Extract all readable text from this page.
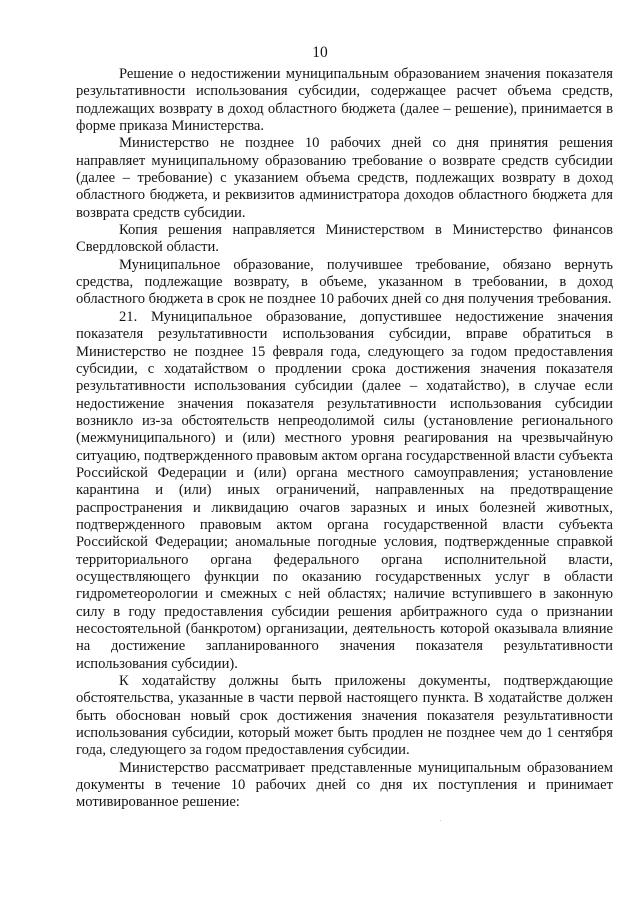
10

Решение о недостижении муниципальным образованием значения показателя результативности использования субсидии, содержащее расчет объема средств, подлежащих возврату в доход областного бюджета (далее – решение), принимается в форме приказа Министерства.

Министерство не позднее 10 рабочих дней со дня принятия решения направляет муниципальному образованию требование о возврате средств субсидии (далее – требование) с указанием объема средств, подлежащих возврату в доход областного бюджета, и реквизитов администратора доходов областного бюджета для возврата средств субсидии.

Копия решения направляется Министерством в Министерство финансов Свердловской области.

Муниципальное образование, получившее требование, обязано вернуть средства, подлежащие возврату, в объеме, указанном в требовании, в доход областного бюджета в срок не позднее 10 рабочих дней со дня получения требования.

21. Муниципальное образование, допустившее недостижение значения показателя результативности использования субсидии, вправе обратиться в Министерство не позднее 15 февраля года, следующего за годом предоставления субсидии, с ходатайством о продлении срока достижения значения показателя результативности использования субсидии (далее – ходатайство), в случае если недостижение значения показателя результативности использования субсидии возникло из-за обстоятельств непреодолимой силы (установление регионального (межмуниципального) и (или) местного уровня реагирования на чрезвычайную ситуацию, подтвержденного правовым актом органа государственной власти субъекта Российской Федерации и (или) органа местного самоуправления; установление карантина и (или) иных ограничений, направленных на предотвращение распространения и ликвидацию очагов заразных и иных болезней животных, подтвержденного правовым актом органа государственной власти субъекта Российской Федерации; аномальные погодные условия, подтвержденные справкой территориального органа федерального органа исполнительной власти, осуществляющего функции по оказанию государственных услуг в области гидрометеорологии и смежных с ней областях; наличие вступившего в законную силу в году предоставления субсидии решения арбитражного суда о признании несостоятельной (банкротом) организации, деятельность которой оказывала влияние на достижение запланированного значения показателя результативности использования субсидии).

К ходатайству должны быть приложены документы, подтверждающие обстоятельства, указанные в части первой настоящего пункта. В ходатайстве должен быть обоснован новый срок достижения значения показателя результативности использования субсидии, который может быть продлен не позднее чем до 1 сентября года, следующего за годом предоставления субсидии.

Министерство рассматривает представленные муниципальным образованием документы в течение 10 рабочих дней со дня их поступления и принимает мотивированное решение:
